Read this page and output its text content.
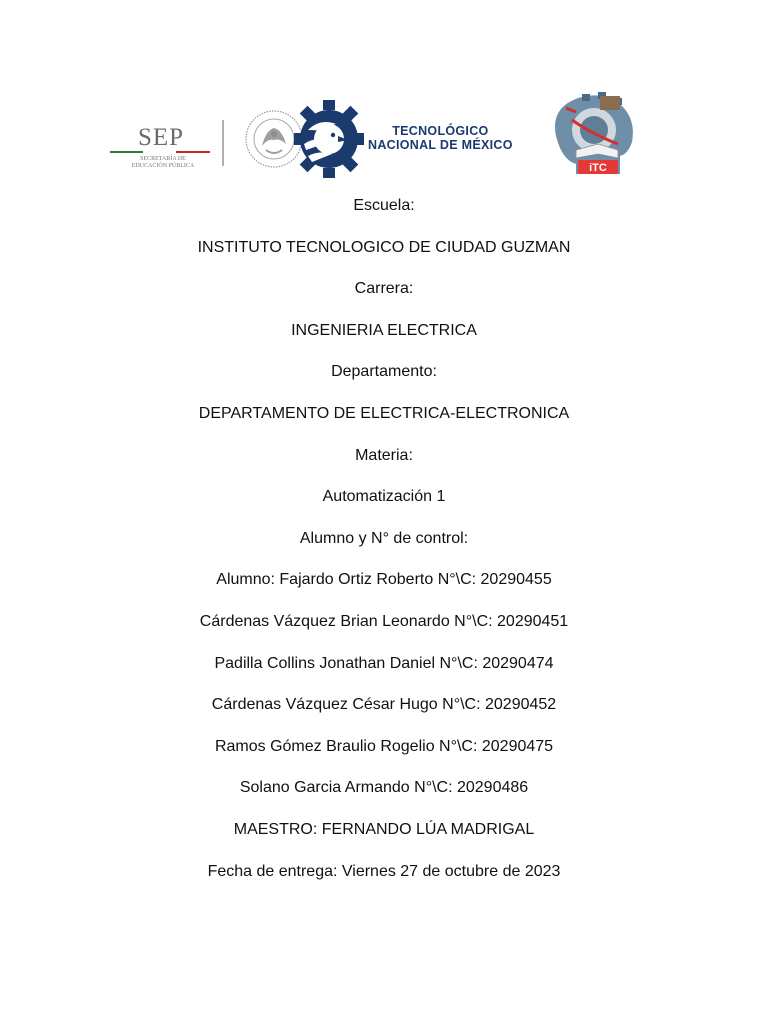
SEP
SECRETARÍA DE
EDUCACIÓN PÚBLICA
TECNOLÓGICO
NACIONAL DE MÉXICO
iTC
Escuela:
INSTITUTO TECNOLOGICO DE CIUDAD GUZMAN
Carrera:
INGENIERIA ELECTRICA
Departamento:
DEPARTAMENTO DE ELECTRICA-ELECTRONICA
Materia:
Automatización 1
Alumno y N° de control:
Alumno: Fajardo Ortiz Roberto N°\C: 20290455
Cárdenas Vázquez Brian Leonardo N°\C: 20290451
Padilla Collins Jonathan Daniel N°\C: 20290474
Cárdenas Vázquez César Hugo N°\C: 20290452
Ramos Gómez Braulio Rogelio N°\C: 20290475
Solano Garcia Armando N°\C: 20290486
MAESTRO: FERNANDO LÚA MADRIGAL
Fecha de entrega: Viernes 27 de octubre de 2023
